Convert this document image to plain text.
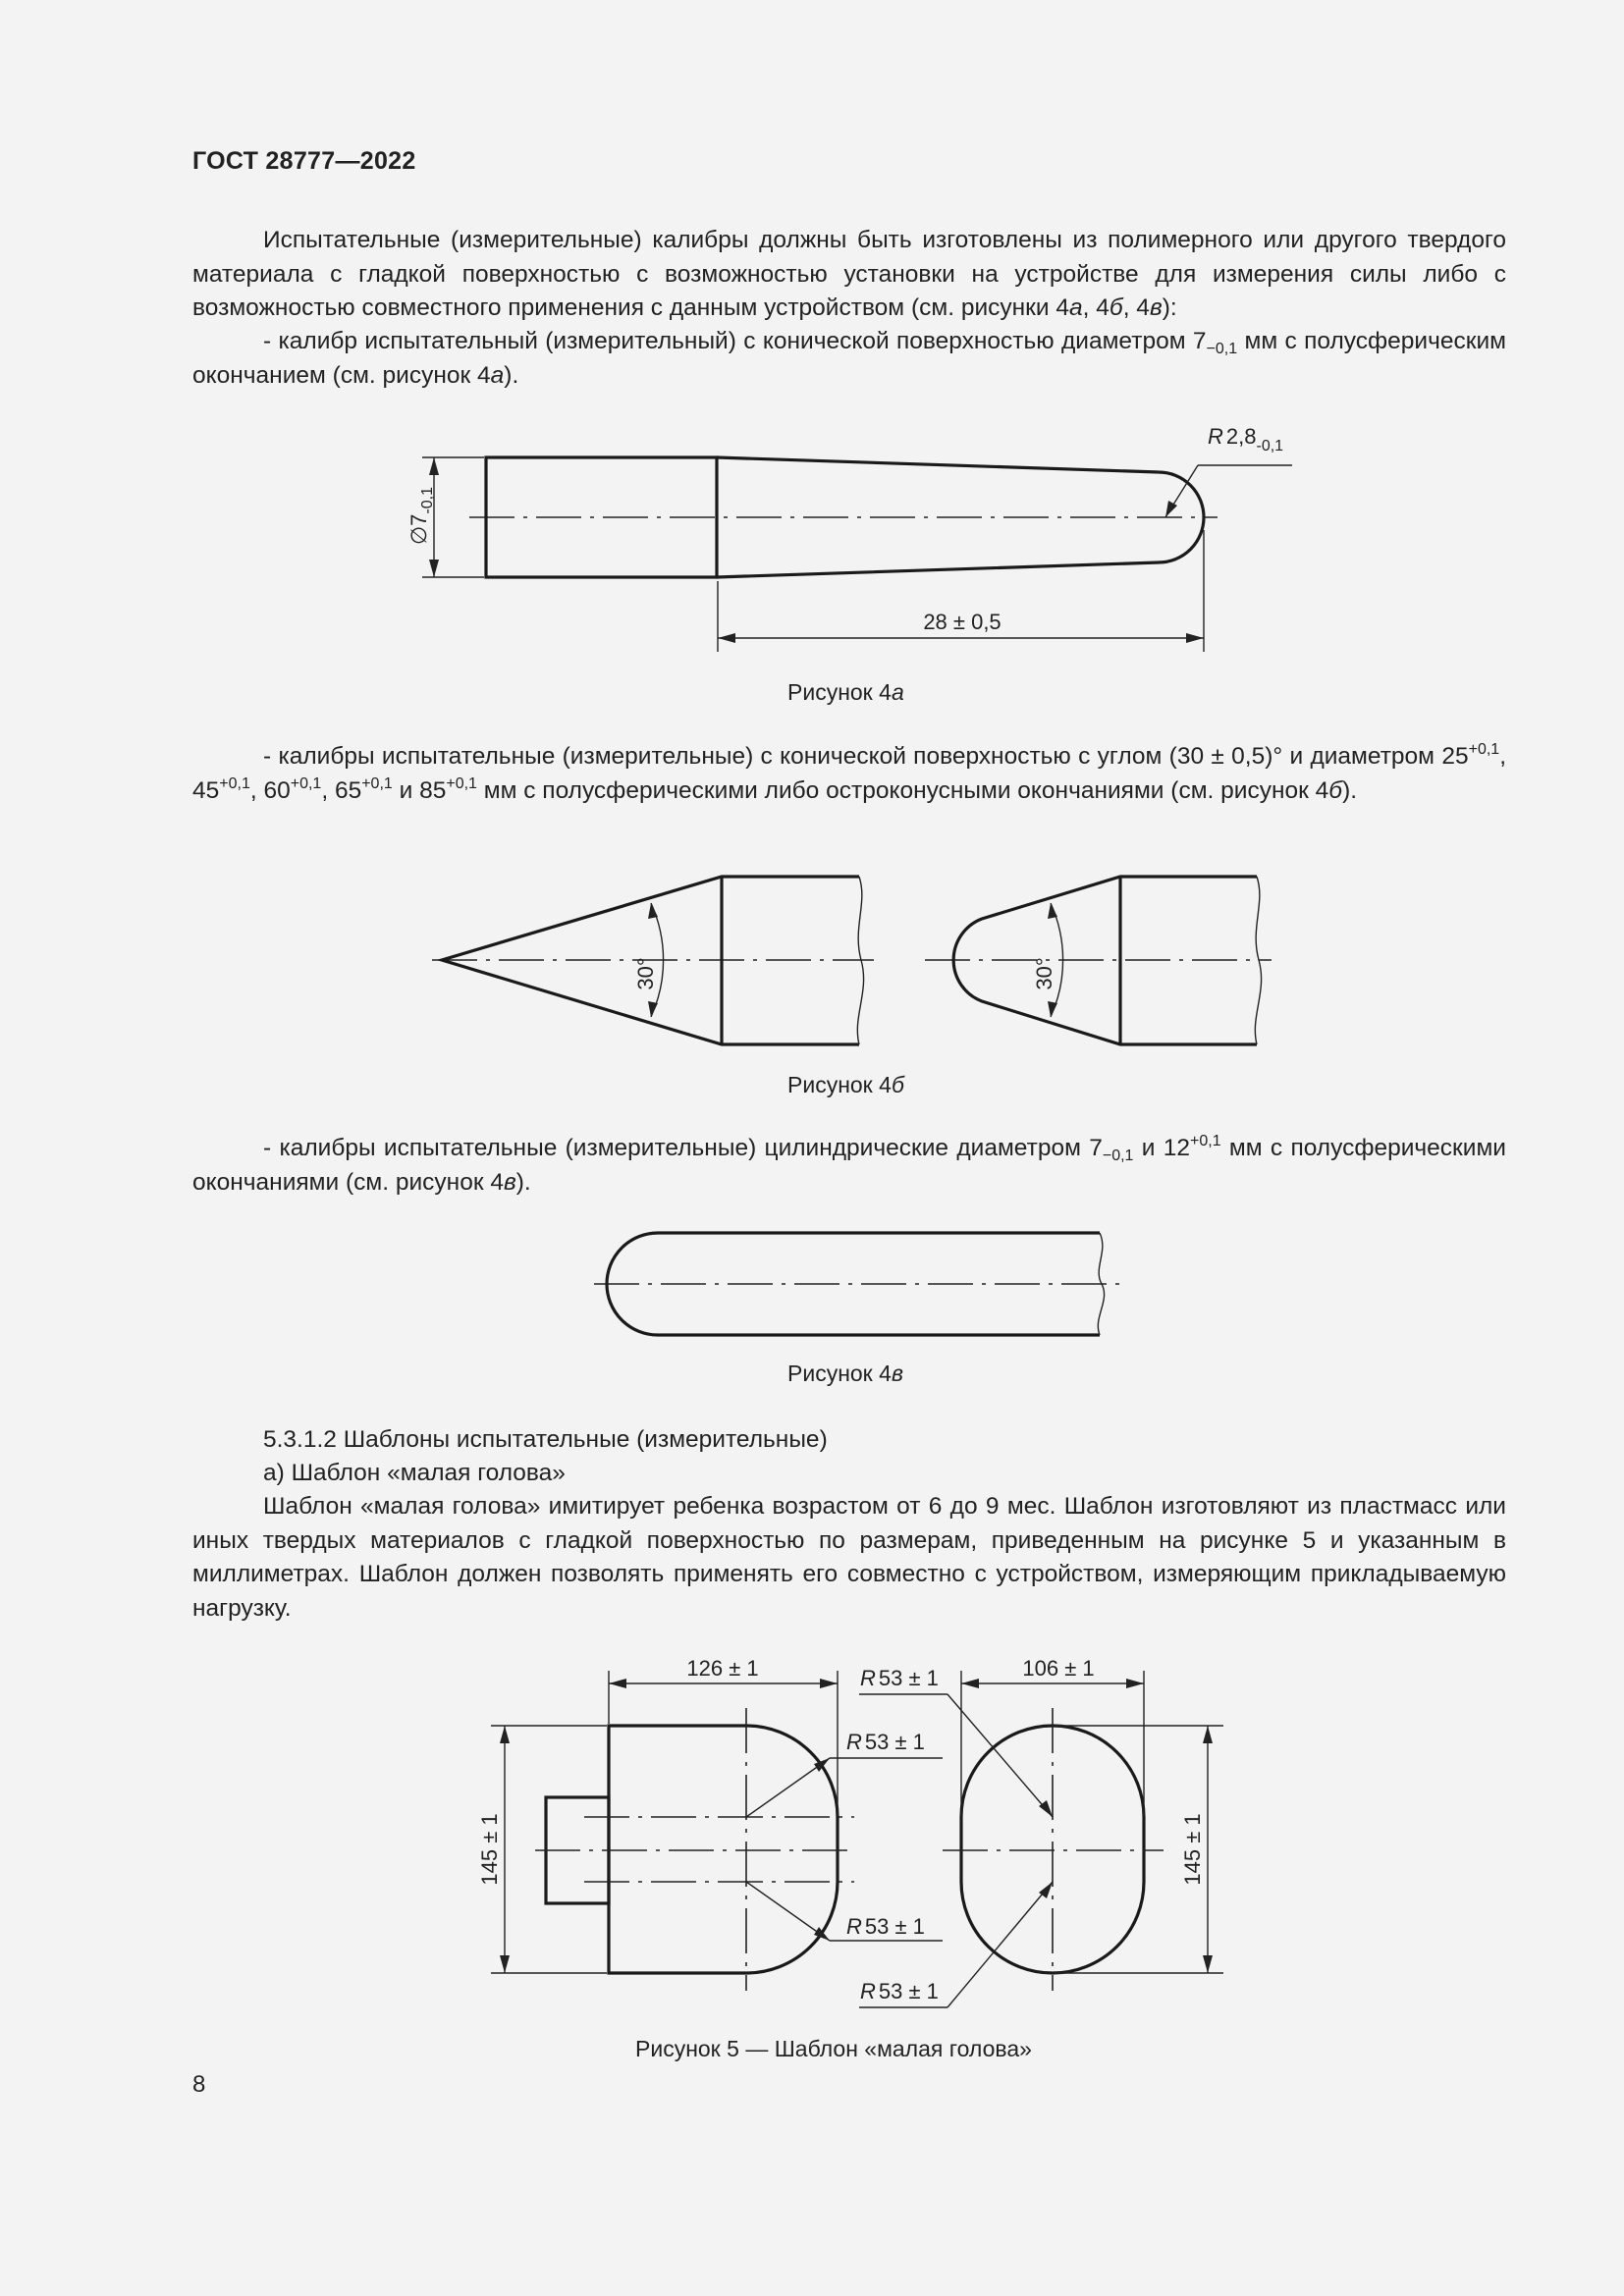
ГОСТ 28777—2022
Испытательные (измерительные) калибры должны быть изготовлены из полимерного или другого твердого материала с гладкой поверхностью с возможностью установки на устройстве для измерения силы либо с возможностью совместного применения с данным устройством (см. рисунки 4а, 4б, 4в):
- калибр испытательный (измерительный) с конической поверхностью диаметром $7_{-0,1}$ мм с полусферическим окончанием (см. рисунок 4а).
$\emptyset 7_{-0,1}$
R $2,8_{-0,1}$
28 ± 0,5
Рисунок 4а
- калибры испытательные (измерительные) с конической поверхностью с углом (30 ± 0,5)° и диаметром $25^{+0,1}$, $45^{+0,1}$, $60^{+0,1}$, $65^{+0,1}$ и $85^{+0,1}$ мм с полусферическими либо остроконусными окончаниями (см. рисунок 4б).
30°	30°
Рисунок 4б
- калибры испытательные (измерительные) цилиндрические диаметром $7_{-0,1}$ и $12^{+0,1}$ мм с полусферическими окончаниями (см. рисунок 4в).
Рисунок 4в
5.3.1.2 Шаблоны испытательные (измерительные)
а) Шаблон «малая голова»
Шаблон «малая голова» имитирует ребенка возрастом от 6 до 9 мес. Шаблон изготовляют из пластмасс или иных твердых материалов с гладкой поверхностью по размерам, приведенным на рисунке 5 и указанным в миллиметрах. Шаблон должен позволять применять его совместно с устройством, измеряющим прикладываемую нагрузку.
126 ± 1
145 ± 1
R 53 ± 1
R 53 ± 1
106 ± 1
145 ± 1
R 53 ± 1
R 53 ± 1
Рисунок 5 — Шаблон «малая голова»
8
